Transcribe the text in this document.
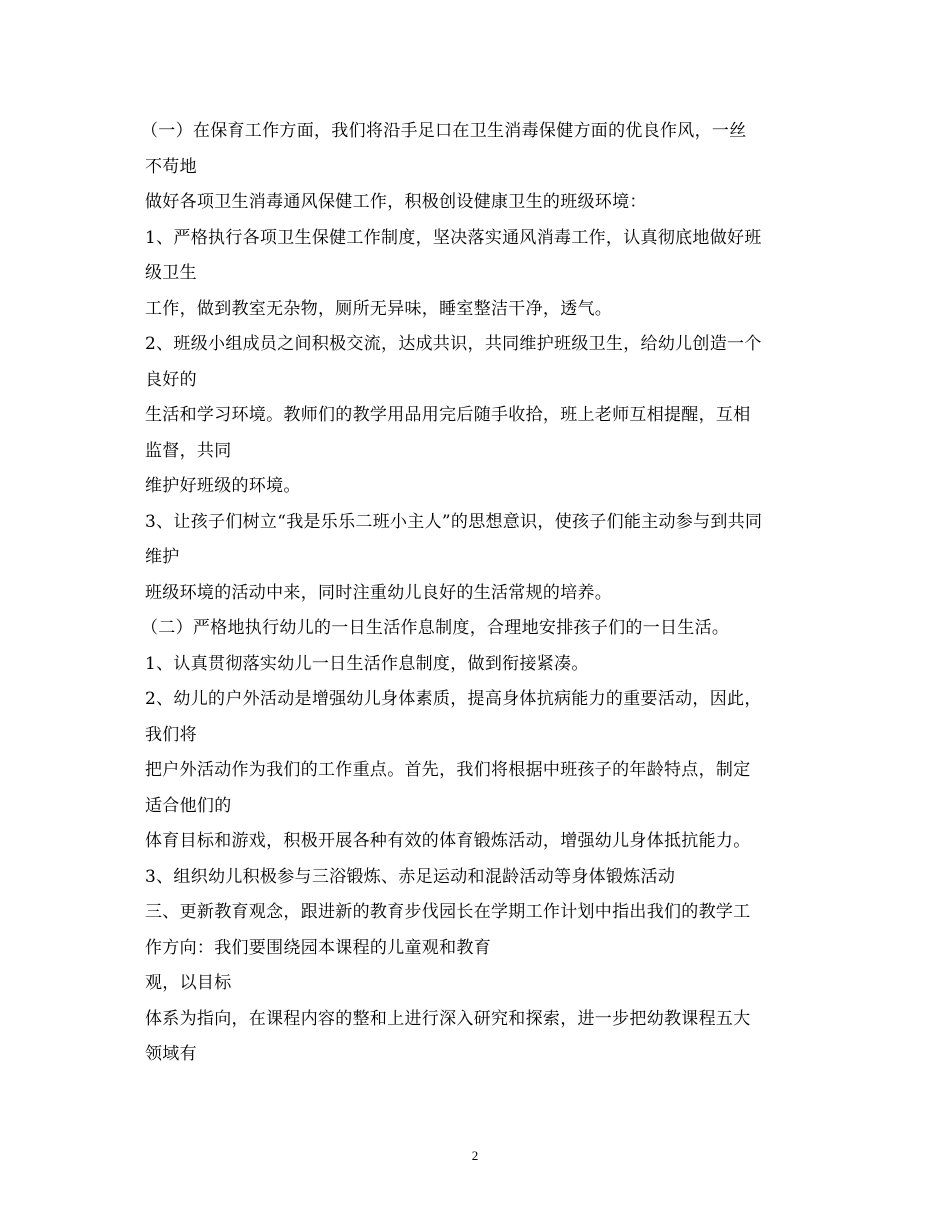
（一）在保育工作方面，我们将沿手足口在卫生消毒保健方面的优良作风，一丝
不苟地
做好各项卫生消毒通风保健工作，积极创设健康卫生的班级环境：
1、严格执行各项卫生保健工作制度，坚决落实通风消毒工作，认真彻底地做好班
级卫生
工作，做到教室无杂物，厕所无异味，睡室整洁干净，透气。
2、班级小组成员之间积极交流，达成共识，共同维护班级卫生，给幼儿创造一个
良好的
生活和学习环境。教师们的教学用品用完后随手收拾，班上老师互相提醒，互相
监督，共同
维护好班级的环境。
3、让孩子们树立“我是乐乐二班小主人”的思想意识，使孩子们能主动参与到共同
维护
班级环境的活动中来，同时注重幼儿良好的生活常规的培养。
（二）严格地执行幼儿的一日生活作息制度，合理地安排孩子们的一日生活。
1、认真贯彻落实幼儿一日生活作息制度，做到衔接紧凑。
2、幼儿的户外活动是增强幼儿身体素质，提高身体抗病能力的重要活动，因此，
我们将
把户外活动作为我们的工作重点。首先，我们将根据中班孩子的年龄特点，制定
适合他们的
体育目标和游戏，积极开展各种有效的体育锻炼活动，增强幼儿身体抵抗能力。
3、组织幼儿积极参与三浴锻炼、赤足运动和混龄活动等身体锻炼活动
三、更新教育观念，跟进新的教育步伐园长在学期工作计划中指出我们的教学工
作方向：我们要围绕园本课程的儿童观和教育
观，以目标
体系为指向，在课程内容的整和上进行深入研究和探索，进一步把幼教课程五大
领域有
2
